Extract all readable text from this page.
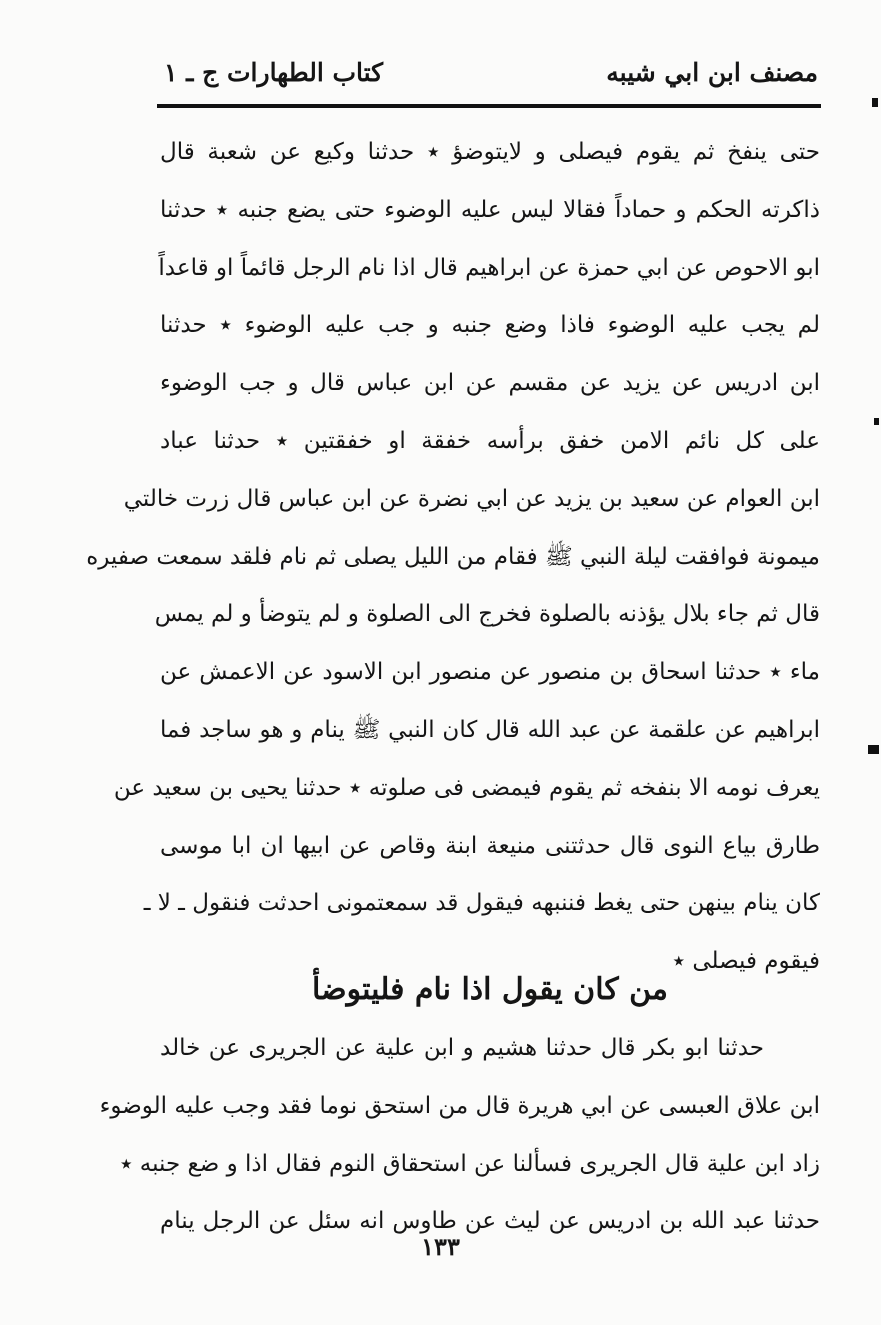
مصنف ابن ابي شيبه
كتاب الطهارات ج ـ ١
حتى ينفخ ثم يقوم فيصلى و لايتوضؤ ٭ حدثنا وكيع عن شعبة قال
ذاكرته الحكم و حماداً فقالا ليس عليه الوضوء حتى يضع جنبه ٭ حدثنا
ابو الاحوص عن ابي حمزة عن ابراهيم قال اذا نام الرجل قائماً او قاعداً
لم يجب عليه الوضوء فاذا وضع جنبه و جب عليه الوضوء ٭ حدثنا
ابن ادريس عن يزيد عن مقسم عن ابن عباس قال و جب الوضوء
على كل نائم الامن خفق برأسه خفقة او خفقتين ٭ حدثنا عباد
ابن العوام عن سعيد بن يزيد عن ابي نضرة عن ابن عباس قال زرت خالتي
ميمونة فوافقت ليلة النبي ﷺ فقام من الليل يصلى ثم نام فلقد سمعت صفيره
قال ثم جاء بلال يؤذنه بالصلوة فخرج الى الصلوة و لم يتوضأ و لم يمس
ماء ٭ حدثنا اسحاق بن منصور عن منصور ابن الاسود عن الاعمش عن
ابراهيم عن علقمة عن عبد الله قال كان النبي ﷺ ينام و هو ساجد فما
يعرف نومه الا بنفخه ثم يقوم فيمضى فى صلوته ٭ حدثنا يحيى بن سعيد عن
طارق بياع النوى قال حدثتنى منيعة ابنة وقاص عن ابيها ان ابا موسى
كان ينام بينهن حتى يغط فننبهه فيقول قد سمعتمونى احدثت فنقول ـ لا ـ
فيقوم فيصلى ٭
من كان يقول اذا نام فليتوضأ
حدثنا ابو بكر قال حدثنا هشيم و ابن علية عن الجريرى عن خالد
ابن علاق العبسى عن ابي هريرة قال من استحق نوما فقد وجب عليه الوضوء
زاد ابن علية قال الجريرى فسألنا عن استحقاق النوم فقال اذا و ضع جنبه ٭
حدثنا عبد الله بن ادريس عن ليث عن طاوس انه سئل عن الرجل ينام
١٣٣
